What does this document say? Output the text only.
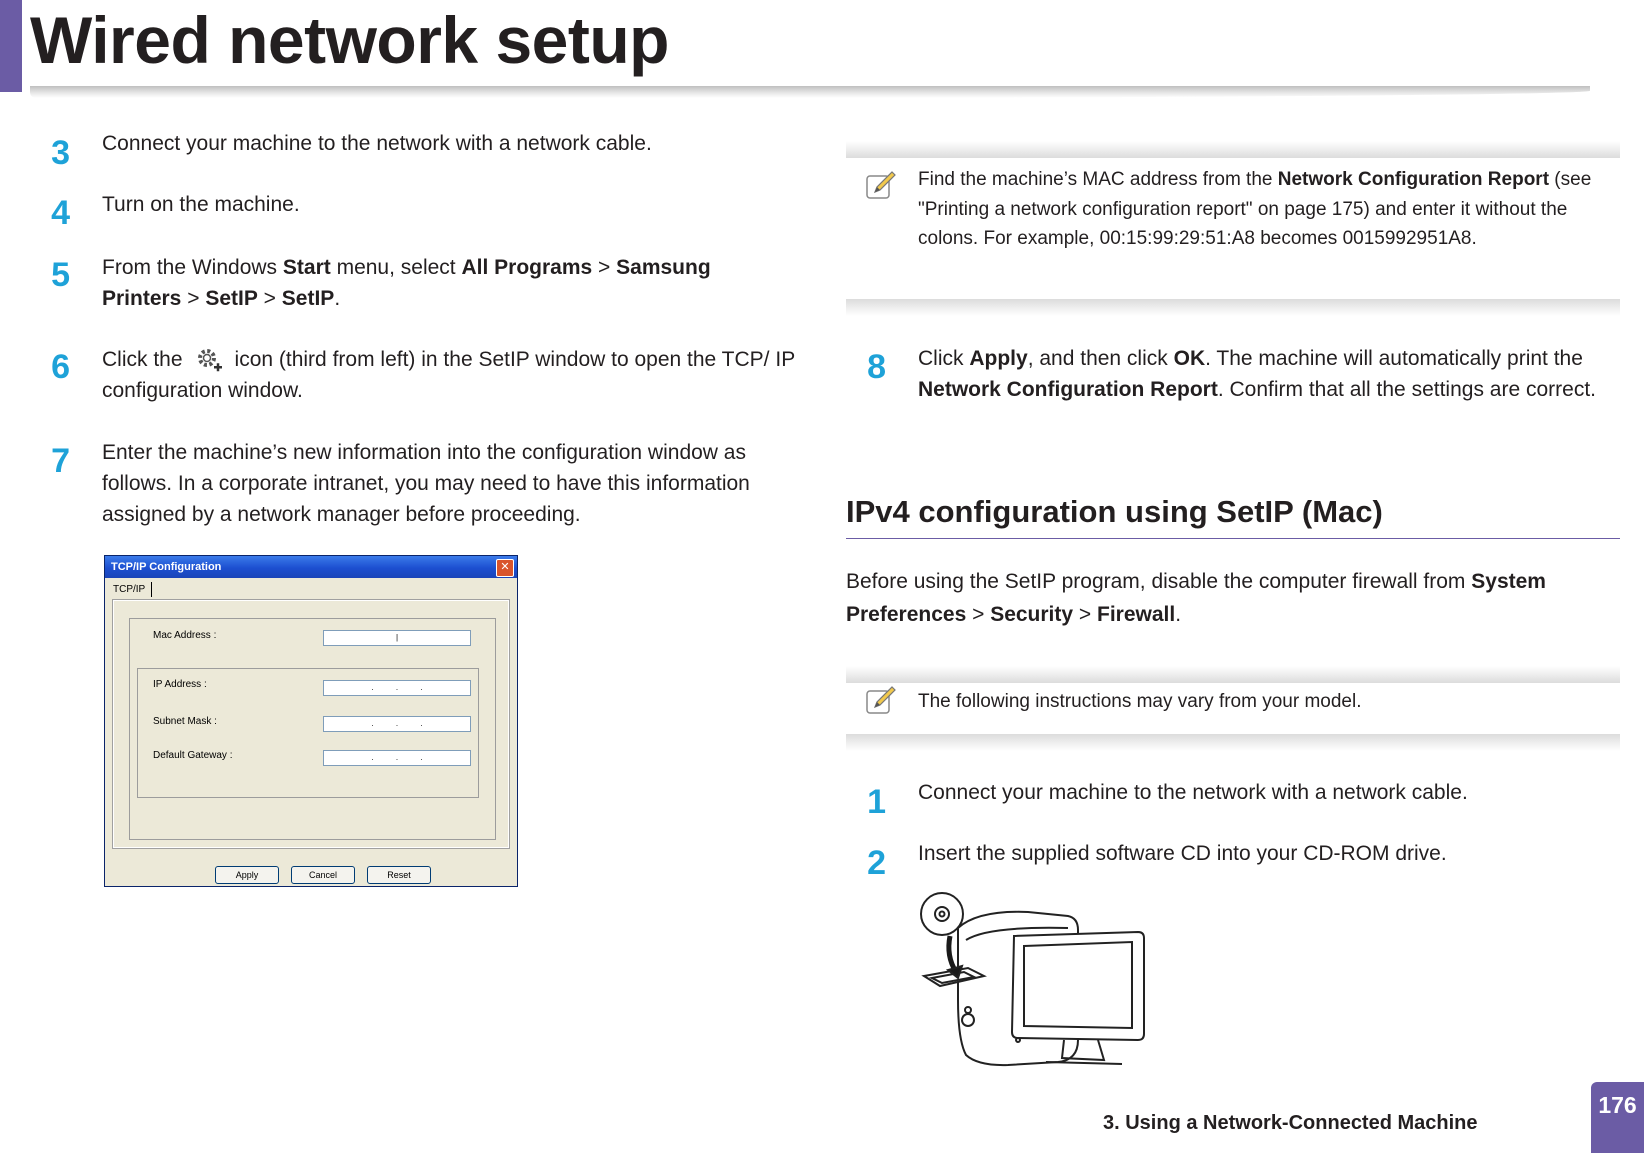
Wired network setup
3 Connect your machine to the network with a network cable.
4 Turn on the machine.
5 From the Windows Start menu, select All Programs > Samsung Printers > SetIP > SetIP.
6 Click the icon (third from left) in the SetIP window to open the TCP/ IP configuration window.
7 Enter the machine’s new information into the configuration window as follows. In a corporate intranet, you may need to have this information assigned by a network manager before proceeding.
TCP/IP Configuration	✕
TCP/IP
Mac Address :	|
IP Address :	.          .          .
Subnet Mask :	.          .          .
Default Gateway :	.          .          .
Apply	Cancel	Reset
Find the machine’s MAC address from the Network Configuration Report (see "Printing a network configuration report" on page 175) and enter it without the colons. For example, 00:15:99:29:51:A8 becomes 0015992951A8.
8 Click Apply, and then click OK. The machine will automatically print the Network Configuration Report. Confirm that all the settings are correct.
IPv4 configuration using SetIP (Mac)
Before using the SetIP program, disable the computer firewall from System Preferences > Security > Firewall.
The following instructions may vary from your model.
1 Connect your machine to the network with a network cable.
2 Insert the supplied software CD into your CD-ROM drive.
3. Using a Network-Connected Machine
176
